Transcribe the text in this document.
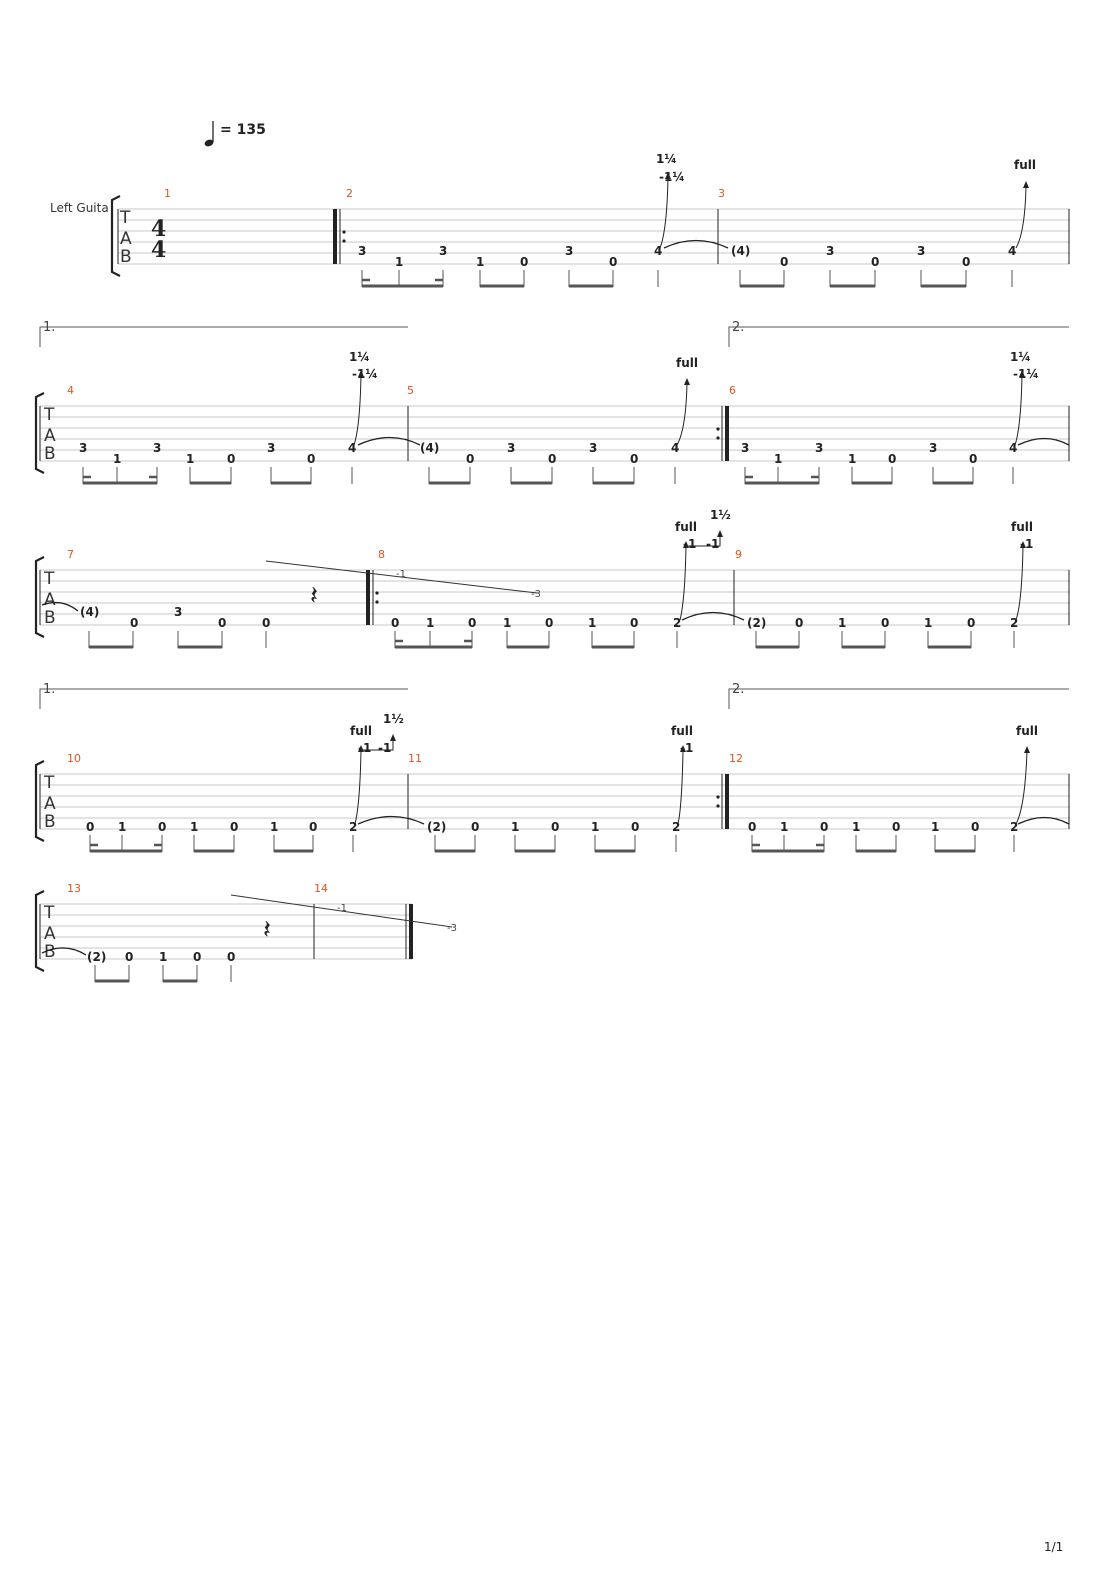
= 135
Left Guita T
A
B
T
A
B
T
A
B
T
A
B
T
A
B
4
4
1	2	3
4	5	6
7	8	9
10	11	12
13	14
1.	2.
1.	2.
3
1
3
1	0
3
0
4	(4)
0
3
0
3
0
4
3
1
3
1	0
3
0
4	(4)
0
3
0
3
0
4	3
1
3
1	0
3
0
4
(4)
0
3
0	0	0 1	0 1	0	1	0	2	(2) 0	1	0	1	0	2
0 1	0 1	0	1	0	2	(2) 0	1	0	1	0	2	0 1	0 1	0	1	0	2
(2) 0 1 0 0
1¼
-1¼
full
1¼
-1¼
full	1¼
-1¼
full
1½
-1 -1
full
-1
full
1½
-1 -1
full
-1
full
-1
-3
-1
-3
𝄽
𝄽
1/1
